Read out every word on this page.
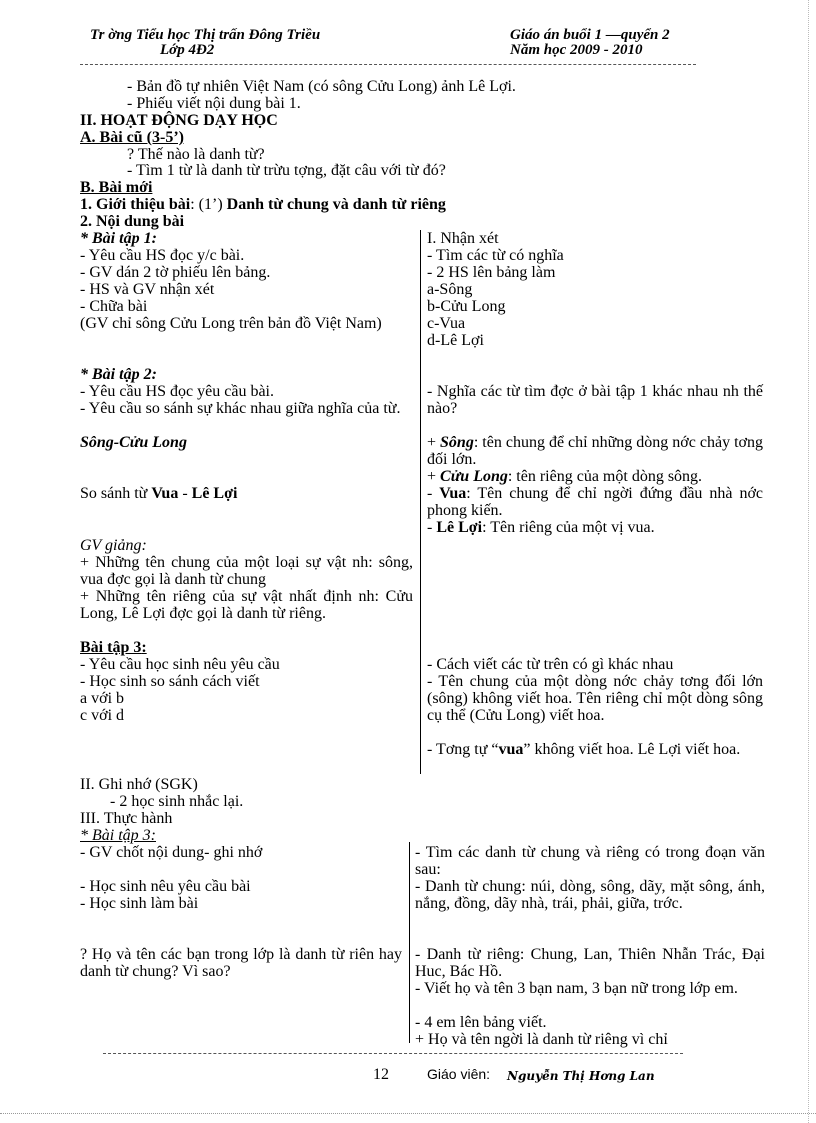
Tr ờng Tiểu học Thị trấn Đông Triều
Lớp 4Đ2
Giáo án buổi 1 —quyển 2
Năm học 2009 - 2010
- Bản đồ tự nhiên Việt Nam (có sông Cửu Long) ảnh Lê Lợi.
- Phiếu viết nội dung bài 1.
II. HOẠT ĐỘNG DẠY HỌC
A. Bài cũ (3-5’)
? Thế nào là danh từ?
- Tìm 1 từ là danh từ trừu tợng, đặt câu với từ đó?
B. Bài mới
1. Giới thiệu bài: (1’) Danh từ chung và danh từ riêng
2. Nội dung bài
* Bài tập 1:
- Yêu cầu HS đọc y/c bài.
- GV dán 2 tờ phiếu lên bảng.
- HS và GV nhận xét
- Chữa bài
(GV chỉ sông Cửu Long trên bản đồ Việt Nam)
* Bài tập 2:
- Yêu cầu HS đọc yêu cầu bài.
- Yêu cầu so sánh sự khác nhau giữa nghĩa của từ.
Sông-Cửu Long
So sánh từ Vua - Lê Lợi
GV giảng:
+ Những tên chung của một loại sự vật nh: sông, vua đợc gọi là danh từ chung
+ Những tên riêng của sự vật nhất định nh: Cửu Long, Lê Lợi đợc gọi là danh từ riêng.
Bài tập 3:
- Yêu cầu học sinh nêu yêu cầu
- Học sinh so sánh cách viết
a với b
c với d
I. Nhận xét
- Tìm các từ có nghĩa
- 2 HS lên bảng làm
a-Sông
b-Cửu Long
c-Vua
d-Lê Lợi
- Nghĩa các từ tìm đợc ở bài tập 1 khác nhau nh thế nào?
+ Sông: tên chung để chỉ những dòng nớc chảy tơng đối lớn.
+ Cửu Long: tên riêng của một dòng sông.
- Vua: Tên chung để chỉ ngời đứng đầu nhà nớc phong kiến.
- Lê Lợi: Tên riêng của một vị vua.
- Cách viết các từ trên có gì khác nhau
- Tên chung của một dòng nớc chảy tơng đối lớn (sông) không viết hoa. Tên riêng chỉ một dòng sông cụ thể (Cửu Long) viết hoa.
- Tơng tự “vua” không viết hoa. Lê Lợi viết hoa.
II. Ghi nhớ (SGK)
- 2 học sinh nhắc lại.
III. Thực hành
* Bài tập 3:
- GV chốt nội dung- ghi nhớ
- Học sinh nêu yêu cầu bài
- Học sinh làm bài
? Họ và tên các bạn trong lớp là danh từ riên hay danh từ chung? Vì sao?
- Tìm các danh từ chung và riêng có trong đoạn văn sau:
- Danh từ chung: núi, dòng, sông, dãy, mặt sông, ánh, nắng, đồng, dãy nhà, trái, phải, giữa, trớc.
- Danh từ riêng: Chung, Lan, Thiên Nhẫn Trác, Đại Huc, Bác Hồ.
- Viết họ và tên 3 bạn nam, 3 bạn nữ trong lớp em.
- 4 em lên bảng viết.
+ Họ và tên ngời là danh từ riêng vì chỉ
12	Giáo viên: Nguyễn Thị Hơng Lan
